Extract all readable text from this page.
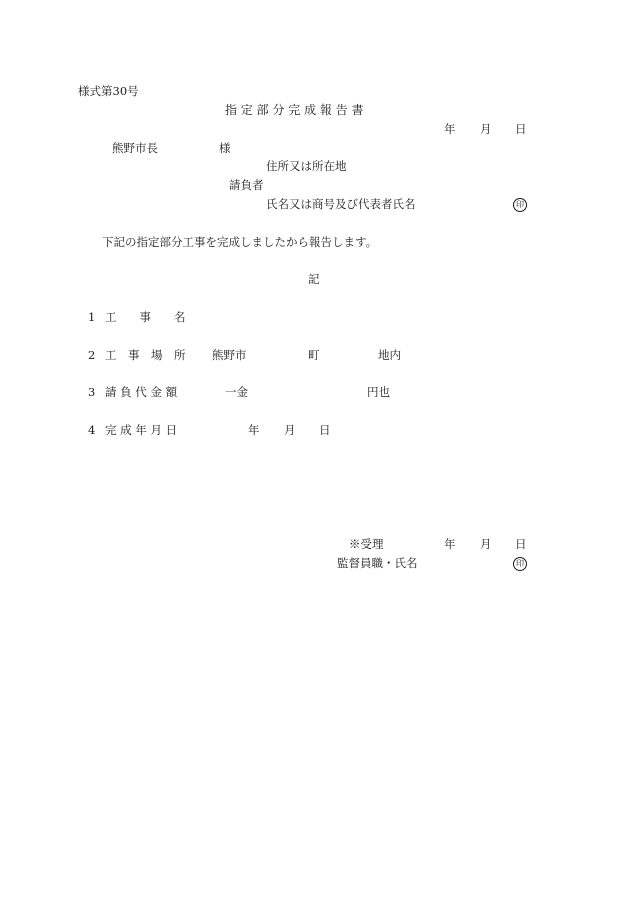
様式第30号
指 定 部 分 完 成 報 告 書
年 月 日
熊野市長	様
住所又は所在地
請負者
氏名又は商号及び代表者氏名	印
下記の指定部分工事を完成しましたから報告します。
記
1 工　　事　　名
2 工　事　場　所 熊野市	町	地内
3 請 負 代 金 額	一金	円也
4 完 成 年 月 日	年 月 日
※受理	年 月 日
監督員職・氏名	印
